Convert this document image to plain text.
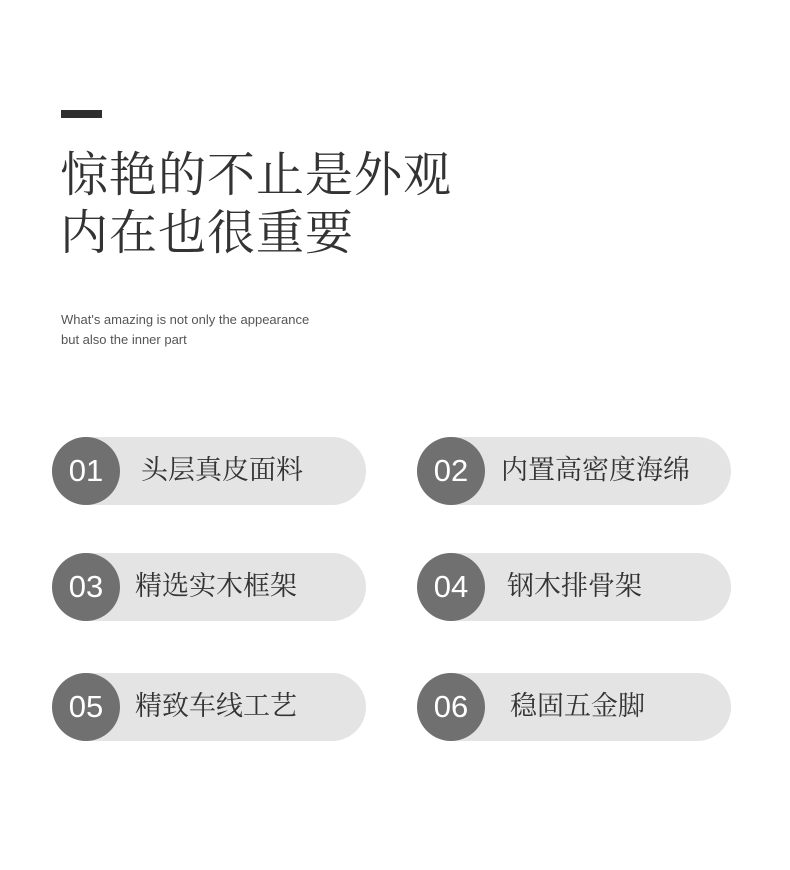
惊艳的不止是外观
内在也很重要

What's amazing is not only the appearance
but also the inner part

01	头层真皮面料	02	内置高密度海绵
03	精选实木框架	04	钢木排骨架
05	精致车线工艺	06	稳固五金脚
